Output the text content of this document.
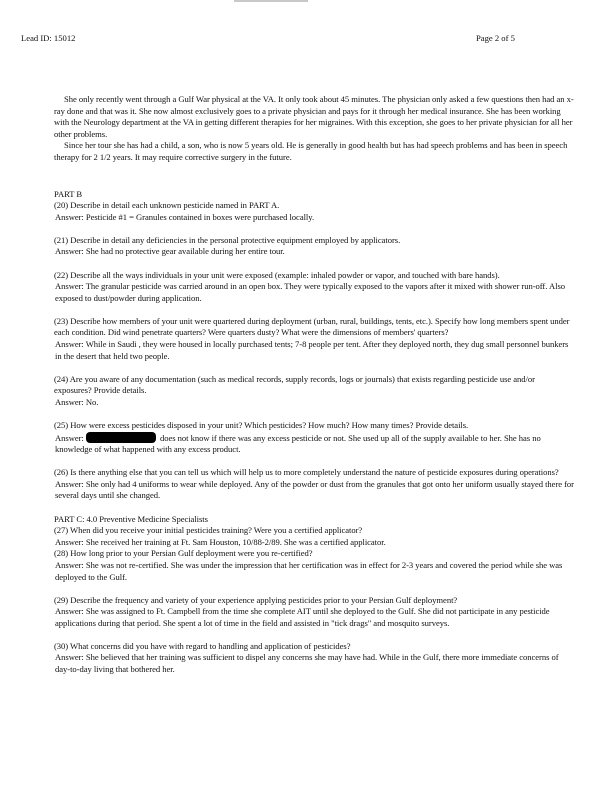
Lead ID: 15012	Page 2 of 5

She only recently went through a Gulf War physical at the VA. It only took about 45 minutes. The physician only asked a few questions then had an x-ray done and that was it. She now almost exclusively goes to a private physician and pays for it through her medical insurance. She has been working with the Neurology department at the VA in getting different therapies for her migraines. With this exception, she goes to her private physician for all her other problems.

Since her tour she has had a child, a son, who is now 5 years old. He is generally in good health but has had speech problems and has been in speech therapy for 2 1/2 years. It may require corrective surgery in the future.

PART B

(20) Describe in detail each unknown pesticide named in PART A.

Answer: Pesticide #1 = Granules contained in boxes were purchased locally.

(21) Describe in detail any deficiencies in the personal protective equipment employed by applicators.

Answer: She had no protective gear available during her entire tour.

(22) Describe all the ways individuals in your unit were exposed (example: inhaled powder or vapor, and touched with bare hands).

Answer: The granular pesticide was carried around in an open box. They were typically exposed to the vapors after it mixed with shower run-off. Also exposed to dust/powder during application.

(23) Describe how members of your unit were quartered during deployment (urban, rural, buildings, tents, etc.). Specify how long members spent under each condition. Did wind penetrate quarters? Were quarters dusty? What were the dimensions of members' quarters?

Answer: While in Saudi , they were housed in locally purchased tents; 7-8 people per tent. After they deployed north, they dug small personnel bunkers in the desert that held two people.

(24) Are you aware of any documentation (such as medical records, supply records, logs or journals) that exists regarding pesticide use and/or exposures? Provide details.

Answer: No.

(25) How were excess pesticides disposed in your unit? Which pesticides? How much? How many times? Provide details.

Answer:	does not know if there was any excess pesticide or not. She used up all of the supply available to her. She has no knowledge of what happened with any excess product.

(26) Is there anything else that you can tell us which will help us to more completely understand the nature of pesticide exposures during operations?

Answer: She only had 4 uniforms to wear while deployed. Any of the powder or dust from the granules that got onto her uniform usually stayed there for several days until she changed.

PART C: 4.0 Preventive Medicine Specialists

(27) When did you receive your initial pesticides training? Were you a certified applicator?

Answer: She received her training at Ft. Sam Houston, 10/88-2/89. She was a certified applicator.

(28) How long prior to your Persian Gulf deployment were you re-certified?

Answer: She was not re-certified. She was under the impression that her certification was in effect for 2-3 years and covered the period while she was deployed to the Gulf.

(29) Describe the frequency and variety of your experience applying pesticides prior to your Persian Gulf deployment?

Answer: She was assigned to Ft. Campbell from the time she complete AIT until she deployed to the Gulf. She did not participate in any pesticide applications during that period. She spent a lot of time in the field and assisted in "tick drags" and mosquito surveys.

(30) What concerns did you have with regard to handling and application of pesticides?

Answer: She believed that her training was sufficient to dispel any concerns she may have had. While in the Gulf, there more immediate concerns of day-to-day living that bothered her.
